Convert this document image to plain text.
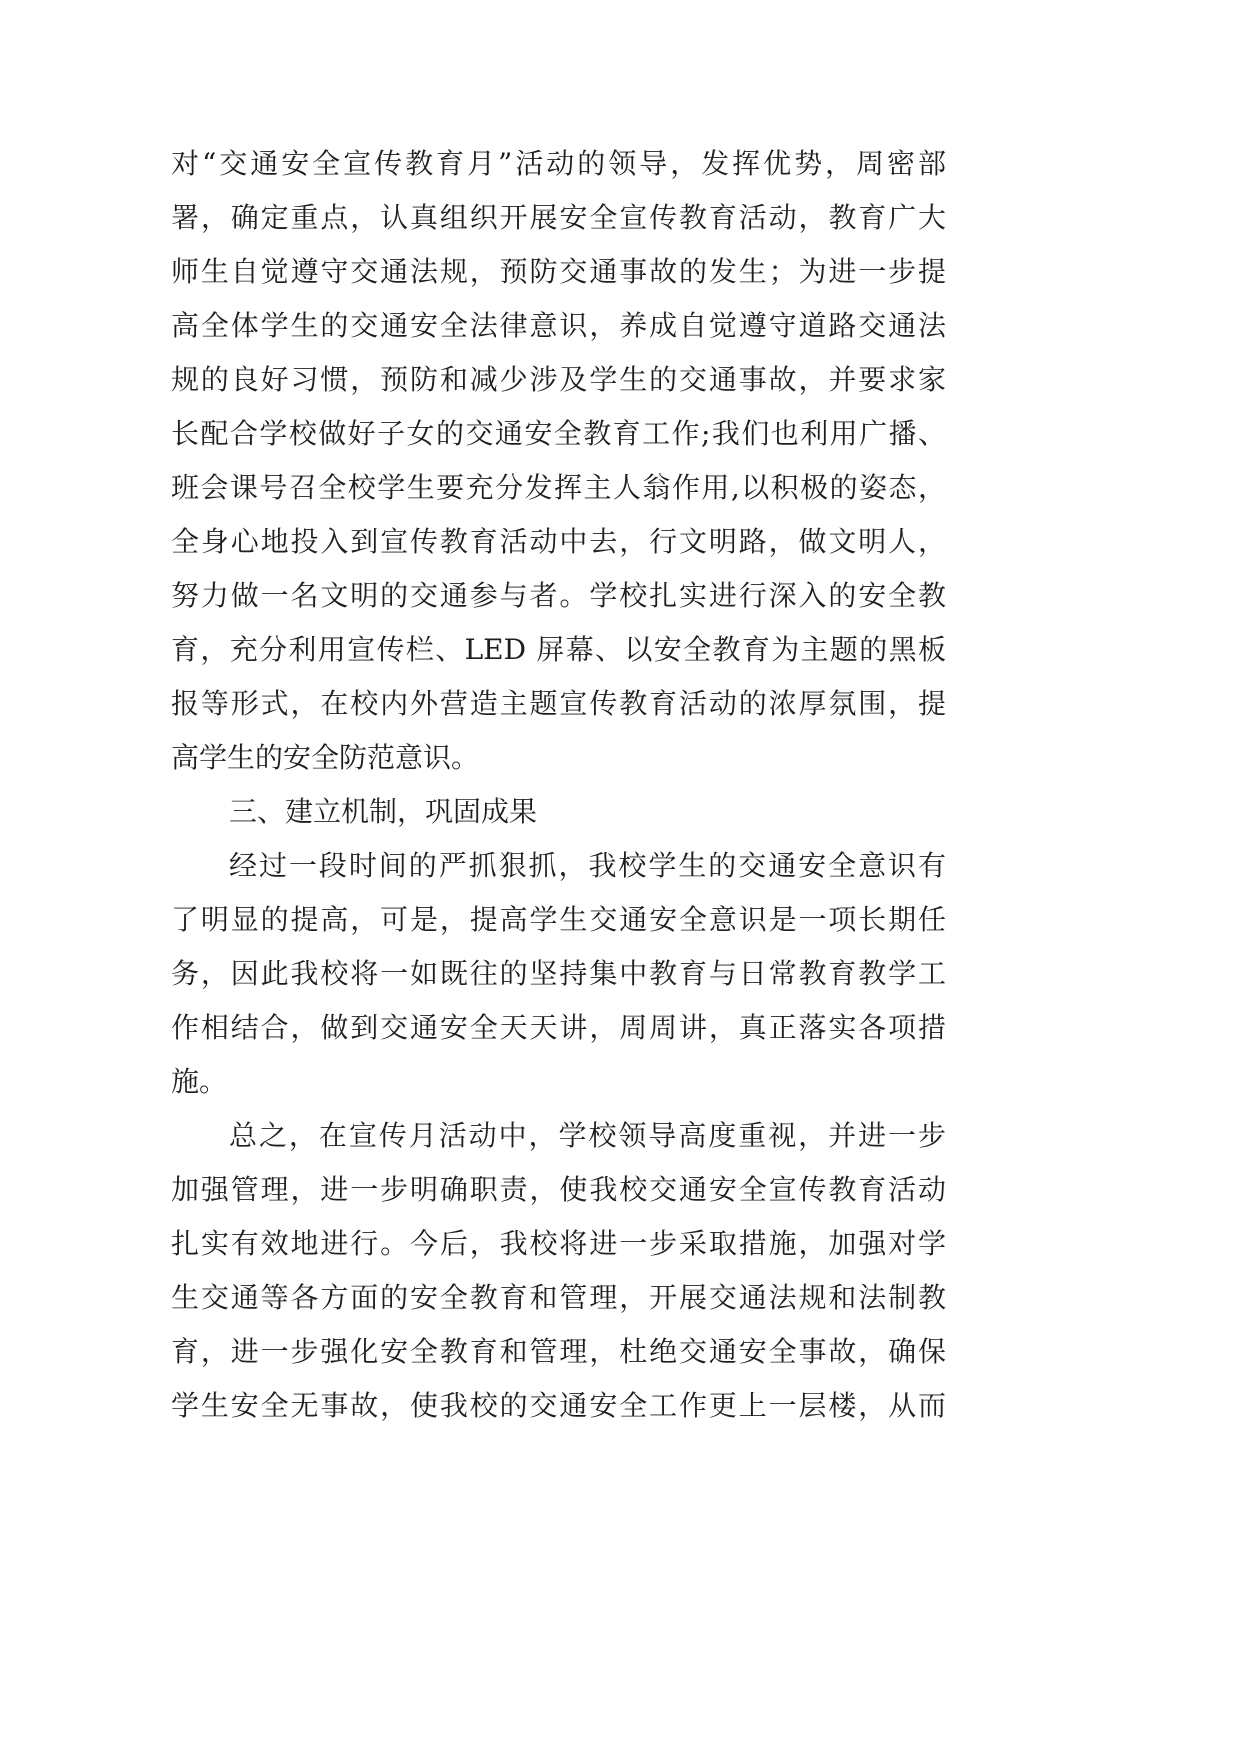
对“交通安全宣传教育月”活动的领导，发挥优势，周密部
署，确定重点，认真组织开展安全宣传教育活动，教育广大
师生自觉遵守交通法规，预防交通事故的发生；为进一步提
高全体学生的交通安全法律意识，养成自觉遵守道路交通法
规的良好习惯，预防和减少涉及学生的交通事故，并要求家
长配合学校做好子女的交通安全教育工作;我们也利用广播、
班会课号召全校学生要充分发挥主人翁作用,以积极的姿态，
全身心地投入到宣传教育活动中去，行文明路，做文明人，
努力做一名文明的交通参与者。学校扎实进行深入的安全教
育，充分利用宣传栏、LED 屏幕、以安全教育为主题的黑板
报等形式，在校内外营造主题宣传教育活动的浓厚氛围，提
高学生的安全防范意识。
三、建立机制，巩固成果
经过一段时间的严抓狠抓，我校学生的交通安全意识有
了明显的提高，可是，提高学生交通安全意识是一项长期任
务，因此我校将一如既往的坚持集中教育与日常教育教学工
作相结合，做到交通安全天天讲，周周讲，真正落实各项措
施。
总之，在宣传月活动中，学校领导高度重视，并进一步
加强管理，进一步明确职责，使我校交通安全宣传教育活动
扎实有效地进行。今后，我校将进一步采取措施，加强对学
生交通等各方面的安全教育和管理，开展交通法规和法制教
育，进一步强化安全教育和管理，杜绝交通安全事故，确保
学生安全无事故，使我校的交通安全工作更上一层楼，从而
